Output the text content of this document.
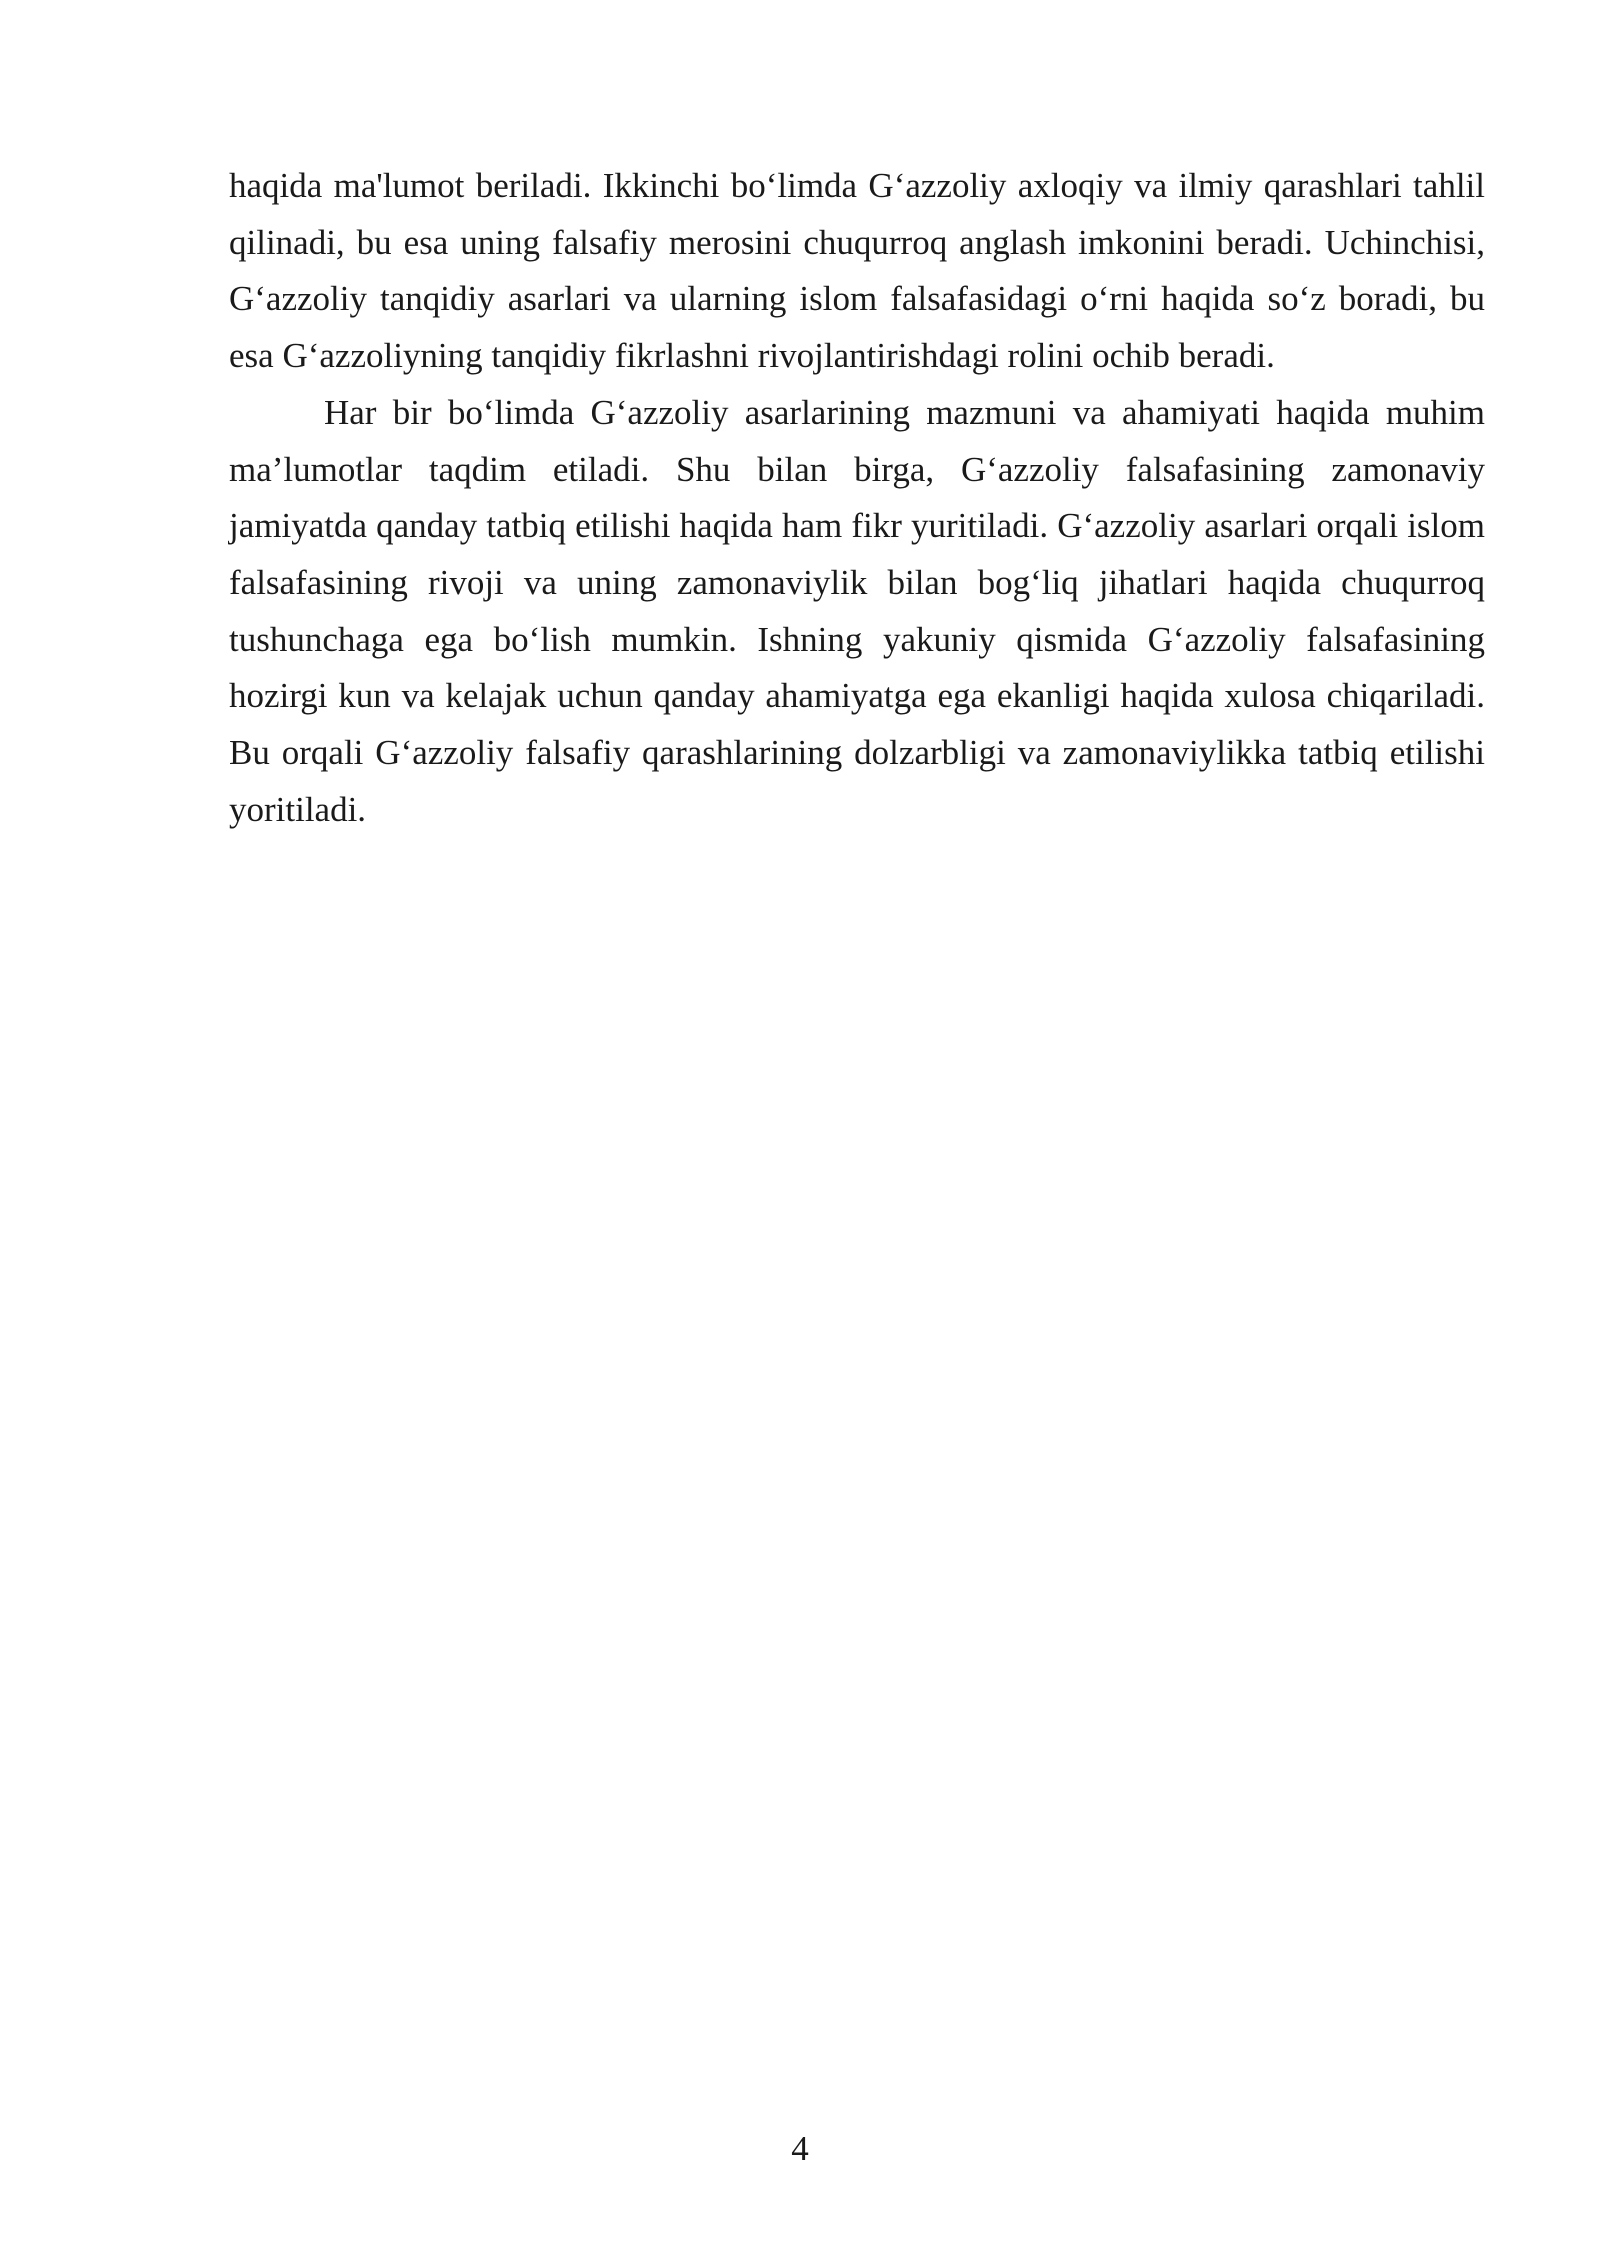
haqida ma'lumot beriladi. Ikkinchi bo‘limda G‘azzoliy axloqiy va ilmiy qarashlari tahlil qilinadi, bu esa uning falsafiy merosini chuqurroq anglash imkonini beradi. Uchinchisi, G‘azzoliy tanqidiy asarlari va ularning islom falsafasidagi o‘rni haqida so‘z boradi, bu esa G‘azzoliyning tanqidiy fikrlashni rivojlantirishdagi rolini ochib beradi.

Har bir bo‘limda G‘azzoliy asarlarining mazmuni va ahamiyati haqida muhim ma’lumotlar taqdim etiladi. Shu bilan birga, G‘azzoliy falsafasining zamonaviy jamiyatda qanday tatbiq etilishi haqida ham fikr yuritiladi. G‘azzoliy asarlari orqali islom falsafasining rivoji va uning zamonaviylik bilan bog‘liq jihatlari haqida chuqurroq tushunchaga ega bo‘lish mumkin. Ishning yakuniy qismida G‘azzoliy falsafasining hozirgi kun va kelajak uchun qanday ahamiyatga ega ekanligi haqida xulosa chiqariladi. Bu orqali G‘azzoliy falsafiy qarashlarining dolzarbligi va zamonaviylikka tatbiq etilishi yoritiladi.

4
